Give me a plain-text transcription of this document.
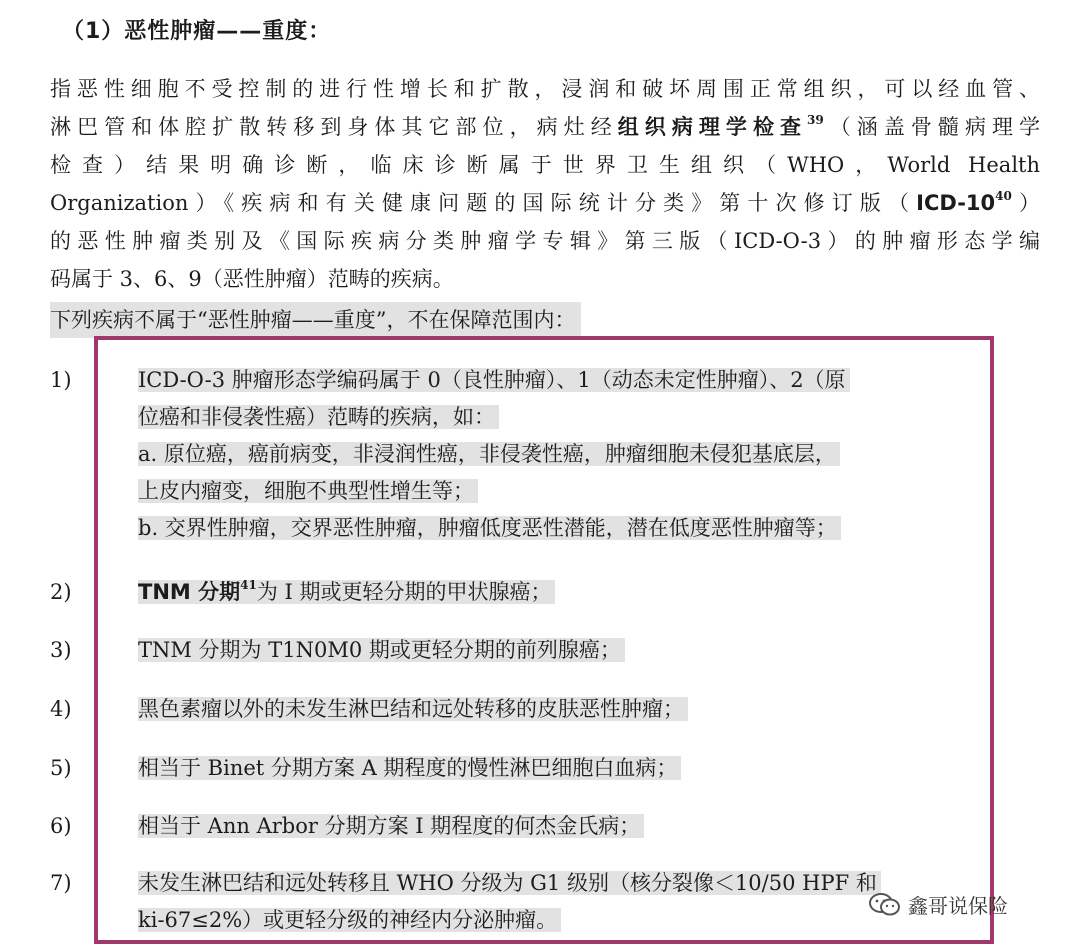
（1）恶性肿瘤——重度：
指恶性细胞不受控制的进行性增长和扩散，浸润和破坏周围正常组织，可以经血管、
淋巴管和体腔扩散转移到身体其它部位，病灶经组织病理学检查$^{39}$（涵盖骨髓病理学
检查）结果明确诊断，临床诊断属于世界卫生组织（WHO，World Health
Organization）《疾病和有关健康问题的国际统计分类》第十次修订版$(ICD-10^{40})$
的恶性肿瘤类别及《国际疾病分类肿瘤学专辑》第三版（ICD-O-3）的肿瘤形态学编
码属于 3、6、9（恶性肿瘤）范畴的疾病。
下列疾病不属于“恶性肿瘤——重度”，不在保障范围内：
1)	ICD-O-3 肿瘤形态学编码属于 0（良性肿瘤）、1（动态未定性肿瘤）、2（原
位癌和非侵袭性癌）范畴的疾病，如：
a. 原位癌，癌前病变，非浸润性癌，非侵袭性癌，肿瘤细胞未侵犯基底层，
上皮内瘤变，细胞不典型性增生等；
b. 交界性肿瘤，交界恶性肿瘤，肿瘤低度恶性潜能，潜在低度恶性肿瘤等；
2)	TNM 分期$^{41}$为 I 期或更轻分期的甲状腺癌；
3)	TNM 分期为 T1N0M0 期或更轻分期的前列腺癌；
4)	黑色素瘤以外的未发生淋巴结和远处转移的皮肤恶性肿瘤；
5)	相当于 Binet 分期方案 A 期程度的慢性淋巴细胞白血病；
6)	相当于 Ann Arbor 分期方案 I 期程度的何杰金氏病；
7)	未发生淋巴结和远处转移且 WHO 分级为 G1 级别（核分裂像＜10/50 HPF 和
ki-67≤2%）或更轻分级的神经内分泌肿瘤。
鑫哥说保险
